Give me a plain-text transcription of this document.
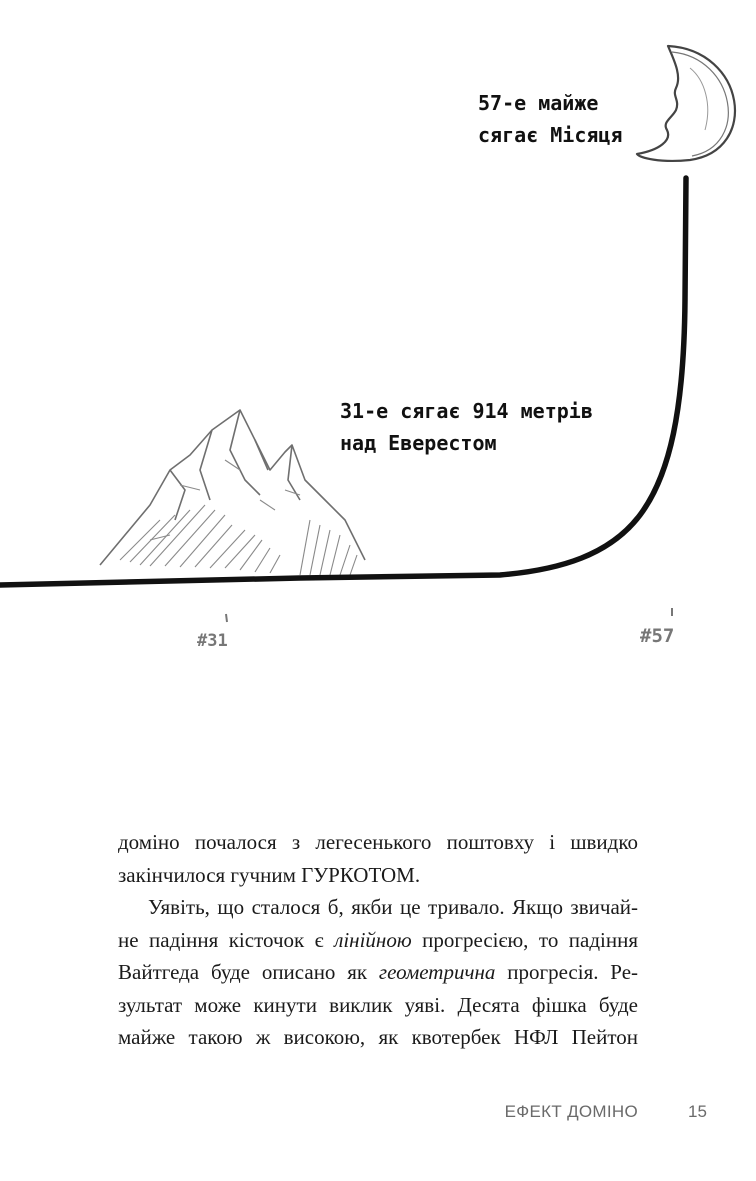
57-е майже
сягає Місяця
31-е сягає 914 метрів
над Еверестом
#31	#57
доміно почалося з легесенького поштовху і швидко
закінчилося гучним ГУРКОТОМ.
Уявіть, що сталося б, якби це тривало. Якщо звичай-
не падіння кісточок є лінійною прогресією, то падіння
Вайтгеда буде описано як геометрична прогресія. Ре-
зультат може кинути виклик уяві. Десята фішка буде
майже такою ж високою, як квотербек НФЛ Пейтон
ЕФЕКТ ДОМІНО	15
